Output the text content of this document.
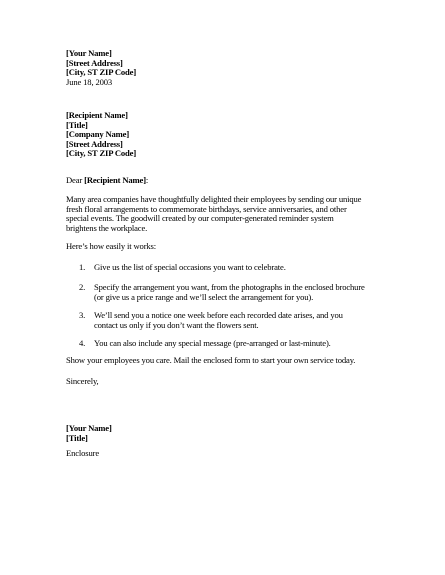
[Your Name]
[Street Address]
[City, ST ZIP Code]
June 18, 2003
[Recipient Name]
[Title]
[Company Name]
[Street Address]
[City, ST ZIP Code]
Dear [Recipient Name]:
Many area companies have thoughtfully delighted their employees by sending our unique
fresh floral arrangements to commemorate birthdays, service anniversaries, and other
special events. The goodwill created by our computer-generated reminder system
brightens the workplace.
Here’s how easily it works:
1. Give us the list of special occasions you want to celebrate.
2. Specify the arrangement you want, from the photographs in the enclosed brochure
(or give us a price range and we’ll select the arrangement for you).
3. We’ll send you a notice one week before each recorded date arises, and you
contact us only if you don’t want the flowers sent.
4. You can also include any special message (pre-arranged or last-minute).
Show your employees you care. Mail the enclosed form to start your own service today.
Sincerely,
[Your Name]
[Title]
Enclosure
